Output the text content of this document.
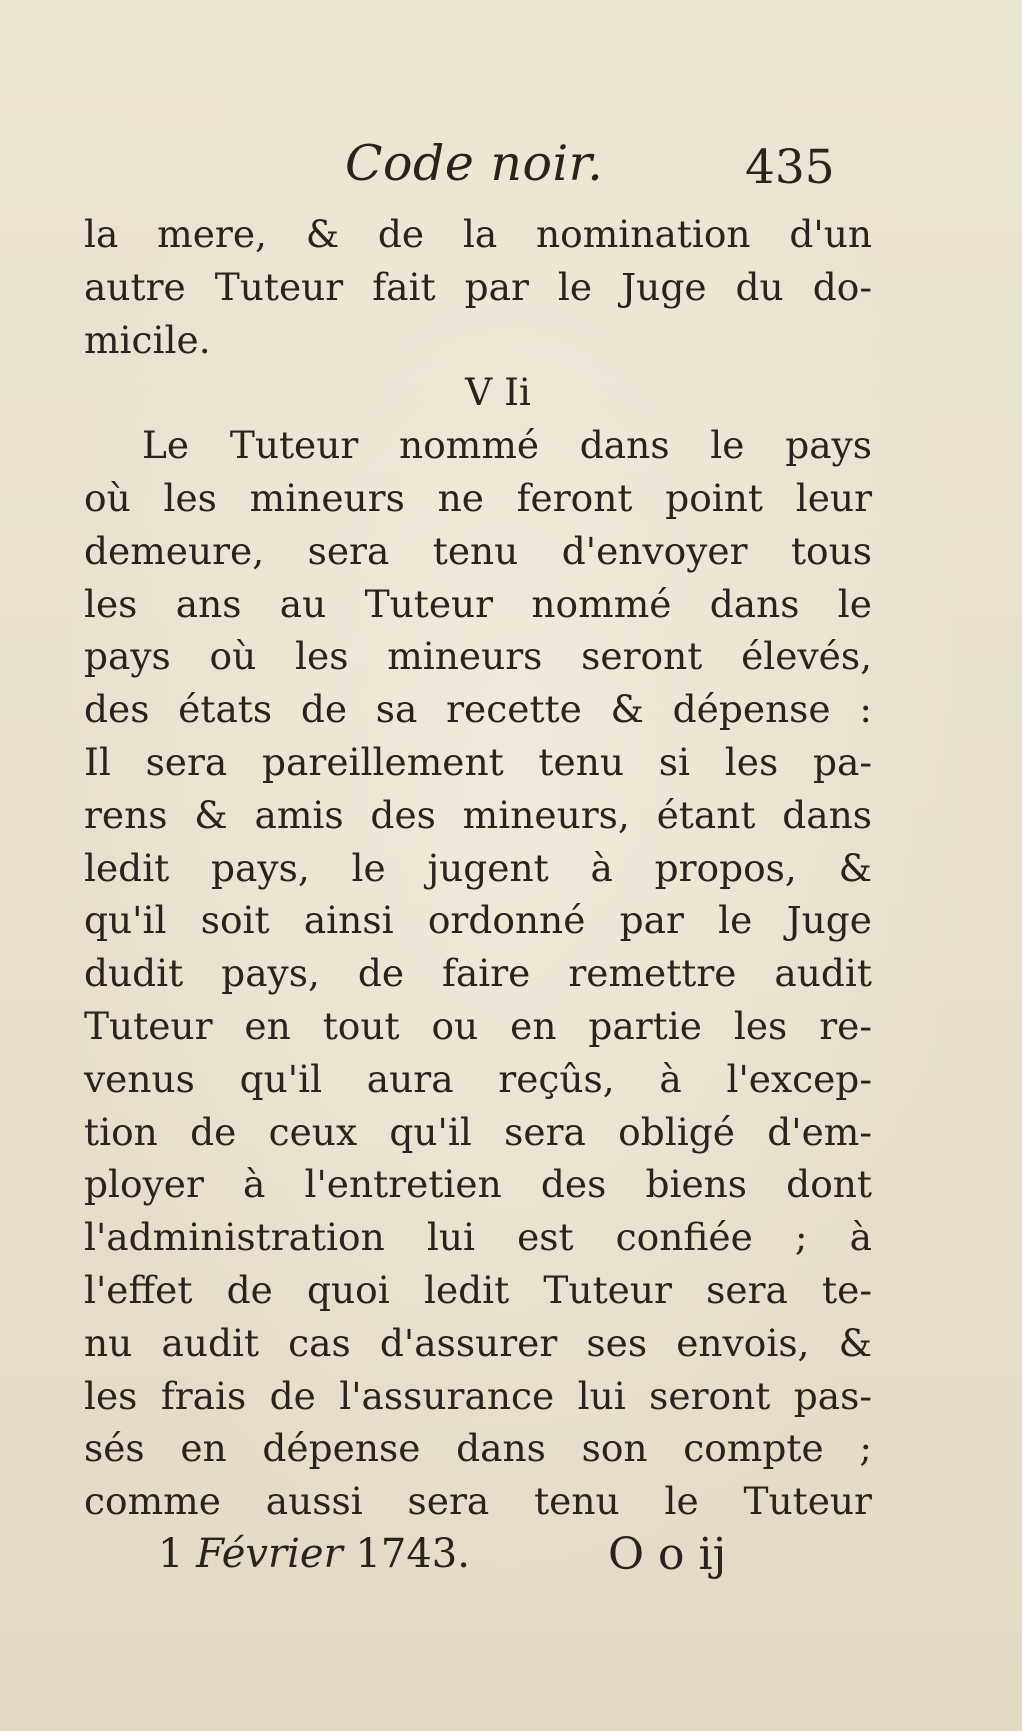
Code noir.	435
la mere, & de la nomination d'un
autre Tuteur fait par le Juge du do-
micile.
V Ii
Le Tuteur nommé dans le pays
où les mineurs ne feront point leur
demeure, sera tenu d'envoyer tous
les ans au Tuteur nommé dans le
pays où les mineurs seront élevés,
des états de sa recette & dépense :
Il sera pareillement tenu si les pa-
rens & amis des mineurs, étant dans
ledit pays, le jugent à propos, &
qu'il soit ainsi ordonné par le Juge
dudit pays, de faire remettre audit
Tuteur en tout ou en partie les re-
venus qu'il aura reçûs, à l'excep-
tion de ceux qu'il sera obligé d'em-
ployer à l'entretien des biens dont
l'administration lui est confiée ; à
l'effet de quoi ledit Tuteur sera te-
nu audit cas d'assurer ses envois, &
les frais de l'assurance lui seront pas-
sés en dépense dans son compte ;
comme aussi sera tenu le Tuteur
1 Février 1743.	O o ij
